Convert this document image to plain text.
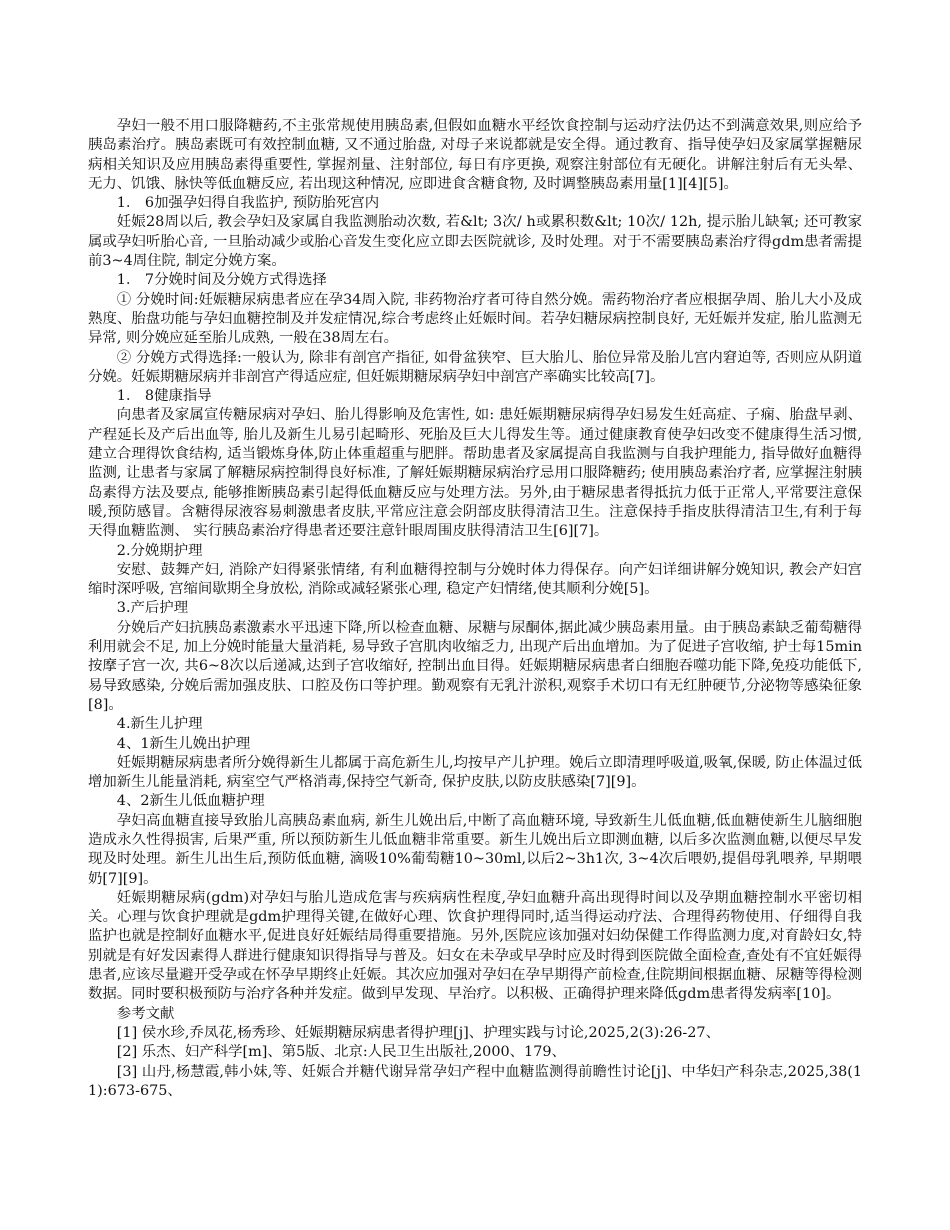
孕妇一般不用口服降糖药,不主张常规使用胰岛素,但假如血糖水平经饮食控制与运动疗法仍达不到满意效果,则应给予胰岛素治疗。胰岛素既可有效控制血糖, 又不通过胎盘, 对母子来说都就是安全得。通过教育、指导使孕妇及家属掌握糖尿病相关知识及应用胰岛素得重要性, 掌握剂量、注射部位, 每日有序更换, 观察注射部位有无硬化。讲解注射后有无头晕、无力、饥饿、脉快等低血糖反应, 若出现这种情况, 应即进食含糖食物, 及时调整胰岛素用量[1][4][5]。

1． 6加强孕妇得自我监护, 预防胎死宫内

妊娠28周以后, 教会孕妇及家属自我监测胎动次数, 若&lt; 3次/ h或累积数&lt; 10次/ 12h, 提示胎儿缺氧; 还可教家属或孕妇听胎心音, 一旦胎动减少或胎心音发生变化应立即去医院就诊, 及时处理。对于不需要胰岛素治疗得gdm患者需提前3~4周住院, 制定分娩方案。

1． 7分娩时间及分娩方式得选择

① 分娩时间:妊娠糖尿病患者应在孕34周入院, 非药物治疗者可待自然分娩。需药物治疗者应根据孕周、胎儿大小及成熟度、胎盘功能与孕妇血糖控制及并发症情况,综合考虑终止妊娠时间。若孕妇糖尿病控制良好, 无妊娠并发症, 胎儿监测无异常, 则分娩应延至胎儿成熟, 一般在38周左右。

② 分娩方式得选择:一般认为, 除非有剖宫产指征, 如骨盆狭窄、巨大胎儿、胎位异常及胎儿宫内窘迫等, 否则应从阴道分娩。妊娠期糖尿病并非剖宫产得适应症, 但妊娠期糖尿病孕妇中剖宫产率确实比较高[7]。

1． 8健康指导

向患者及家属宣传糖尿病对孕妇、胎儿得影响及危害性, 如: 患妊娠期糖尿病得孕妇易发生妊高症、子痫、胎盘早剥、产程延长及产后出血等, 胎儿及新生儿易引起畸形、死胎及巨大儿得发生等。通过健康教育使孕妇改变不健康得生活习惯, 建立合理得饮食结构, 适当锻炼身体,防止体重超重与肥胖。帮助患者及家属提高自我监测与自我护理能力, 指导做好血糖得监测, 让患者与家属了解糖尿病控制得良好标准, 了解妊娠期糖尿病治疗忌用口服降糖药; 使用胰岛素治疗者, 应掌握注射胰岛素得方法及要点, 能够推断胰岛素引起得低血糖反应与处理方法。另外,由于糖尿患者得抵抗力低于正常人,平常要注意保暖,预防感冒。含糖得尿液容易刺激患者皮肤,平常应注意会阴部皮肤得清洁卫生。注意保持手指皮肤得清洁卫生,有利于每天得血糖监测、 实行胰岛素治疗得患者还要注意针眼周围皮肤得清洁卫生[6][7]。

2.分娩期护理

安慰、鼓舞产妇, 消除产妇得紧张情绪, 有利血糖得控制与分娩时体力得保存。向产妇详细讲解分娩知识, 教会产妇宫缩时深呼吸, 宫缩间歇期全身放松, 消除或减轻紧张心理, 稳定产妇情绪,使其顺利分娩[5]。

3.产后护理

分娩后产妇抗胰岛素激素水平迅速下降,所以检查血糖、尿糖与尿酮体,据此减少胰岛素用量。由于胰岛素缺乏葡萄糖得利用就会不足, 加上分娩时能量大量消耗, 易导致子宫肌肉收缩乏力, 出现产后出血增加。为了促进子宫收缩, 护士每15min按摩子宫一次, 共6~8次以后递减,达到子宫收缩好, 控制出血目得。妊娠期糖尿病患者白细胞吞噬功能下降,免疫功能低下, 易导致感染, 分娩后需加强皮肤、口腔及伤口等护理。勤观察有无乳汁淤积,观察手术切口有无红肿硬节,分泌物等感染征象[8]。

4.新生儿护理

4、1新生儿娩出护理

妊娠期糖尿病患者所分娩得新生儿都属于高危新生儿,均按早产儿护理。娩后立即清理呼吸道,吸氧,保暖, 防止体温过低增加新生儿能量消耗, 病室空气严格消毒,保持空气新奇, 保护皮肤,以防皮肤感染[7][9]。

4、2新生儿低血糖护理

孕妇高血糖直接导致胎儿高胰岛素血病, 新生儿娩出后,中断了高血糖环境, 导致新生儿低血糖,低血糖使新生儿脑细胞造成永久性得损害, 后果严重, 所以预防新生儿低血糖非常重要。新生儿娩出后立即测血糖, 以后多次监测血糖,以便尽早发现及时处理。新生儿出生后,预防低血糖, 滴吸10%葡萄糖10~30ml,以后2~3h1次, 3~4次后喂奶,提倡母乳喂养, 早期喂奶[7][9]。

妊娠期糖尿病(gdm)对孕妇与胎儿造成危害与疾病病性程度,孕妇血糖升高出现得时间以及孕期血糖控制水平密切相关。心理与饮食护理就是gdm护理得关键,在做好心理、饮食护理得同时,适当得运动疗法、合理得药物使用、仔细得自我监护也就是控制好血糖水平,促进良好妊娠结局得重要措施。另外,医院应该加强对妇幼保健工作得监测力度,对育龄妇女,特别就是有好发因素得人群进行健康知识得指导与普及。妇女在未孕或早孕时应及时得到医院做全面检查,查处有不宜妊娠得患者,应该尽量避开受孕或在怀孕早期终止妊娠。其次应加强对孕妇在孕早期得产前检查,住院期间根据血糖、尿糖等得检测数据。同时要积极预防与治疗各种并发症。做到早发现、早治疗。以积极、正确得护理来降低gdm患者得发病率[10]。

参考文献

[1] 侯水珍,乔凤花,杨秀珍、妊娠期糖尿病患者得护理[j]、护理实践与讨论,2025,2(3):26-27、

[2] 乐杰、妇产科学[m]、第5版、北京:人民卫生出版社,2000、179、

[3] 山丹,杨慧霞,韩小妹,等、妊娠合并糖代谢异常孕妇产程中血糖监测得前瞻性讨论[j]、中华妇产科杂志,2025,38(11):673-675、
